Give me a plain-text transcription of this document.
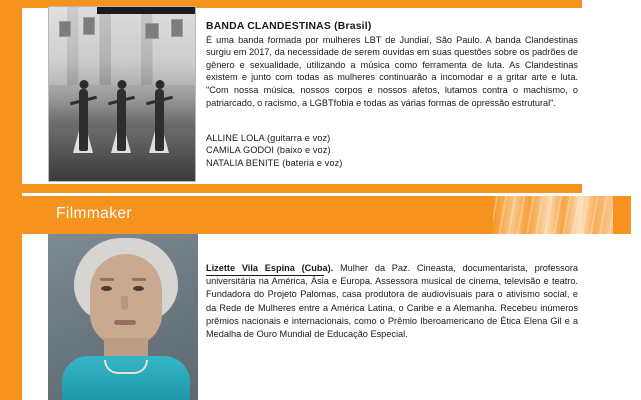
BANDA CLANDESTINAS (Brasil)
É uma banda formada por mulheres LBT de Jundiaí, São Paulo. A banda Clandestinas surgiu em 2017, da necessidade de serem ouvidas em suas questões sobre os padrões de gênero e sexualidade, utilizando a música como ferramenta de luta. As Clandestinas existem e junto com todas as mulheres continuarão a incomodar e a gritar arte e luta. "Com nossa música, nossos corpos e nossos afetos, lutamos contra o machismo, o patriarcado, o racismo, a LGBTfobia e todas as várias formas de opressão estrutural".
ALLINE LOLA (guitarra e voz)
CAMILA GODOI (baixo e voz)
NATALIA BENITE (bateria e voz)
Filmmaker
Lizette Vila Espina (Cuba). Mulher da Paz. Cineasta, documentarista, professora universitária na América, Ásia e Europa. Assessora musical de cinema, televisão e teatro. Fundadora do Projeto Palomas, casa produtora de audiovisuais para o ativismo social, e da Rede de Mulheres entre a América Latina, o Caribe e a Alemanha. Recebeu inúmeros prêmios nacionais e internacionais, como o Prêmio Iberoamericano de Ética Elena Gil e a Medalha de Ouro Mundial de Educação Especial.
